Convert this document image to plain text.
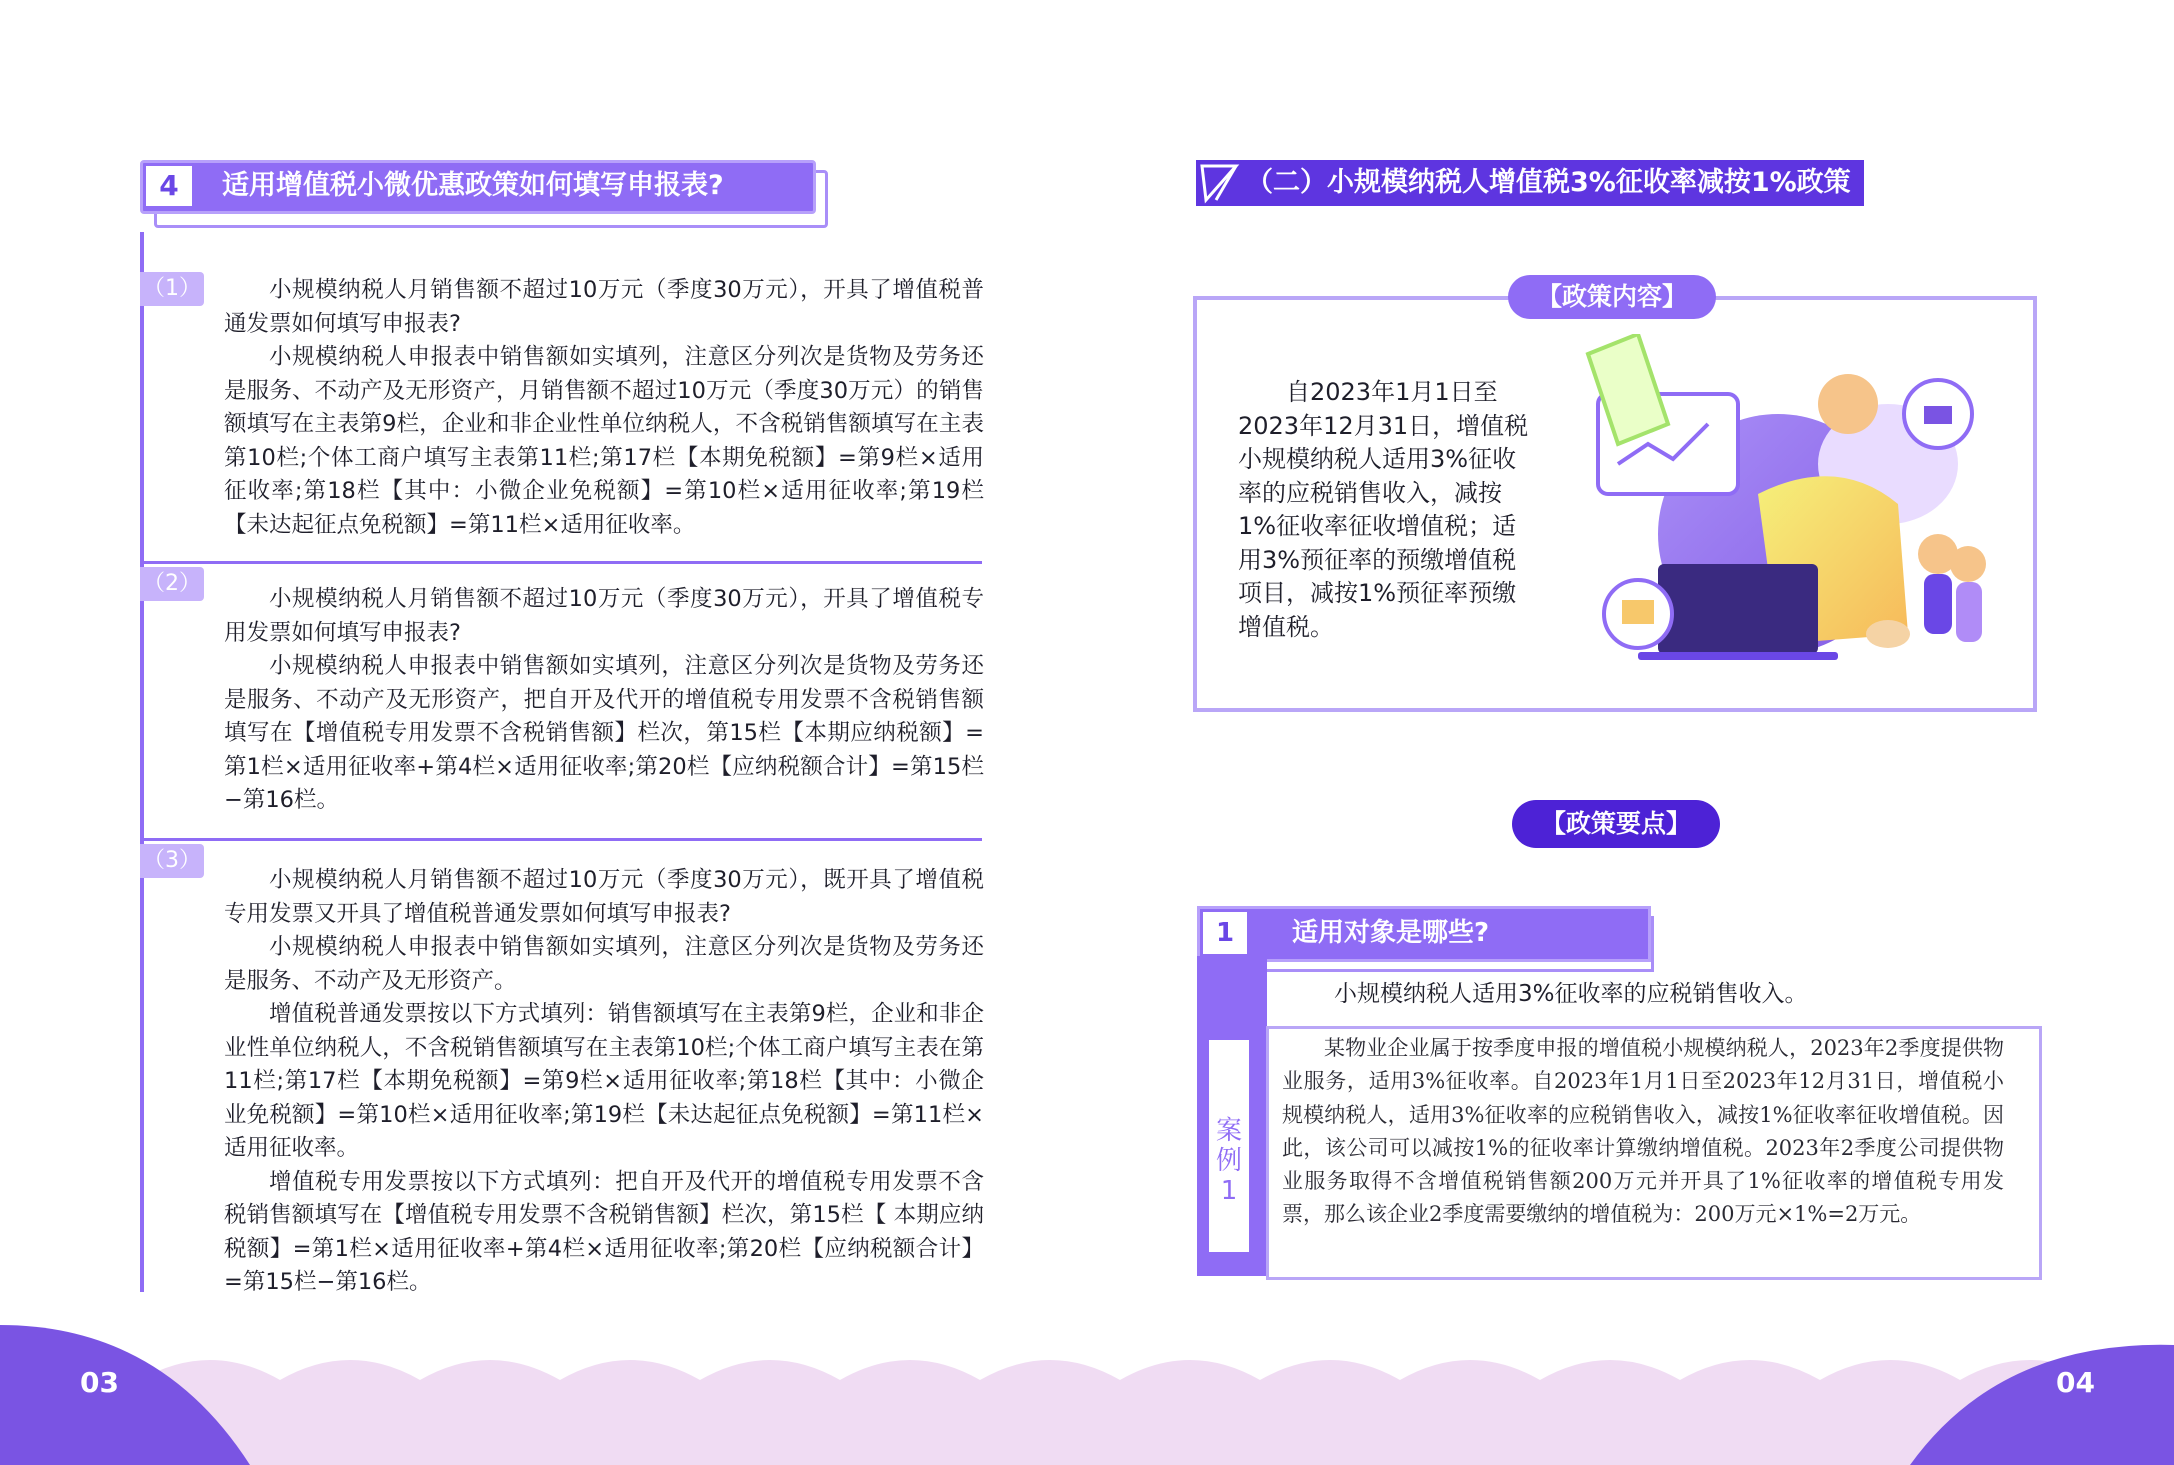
4	适用增值税小微优惠政策如何填写申报表?
（1）	小规模纳税人月销售额不超过10万元（季度30万元），开具了增值税普通发票如何填写申报表?

小规模纳税人申报表中销售额如实填列，注意区分列次是货物及劳务还是服务、不动产及无形资产，月销售额不超过10万元（季度30万元）的销售额填写在主表第9栏，企业和非企业性单位纳税人，不含税销售额填写在主表第10栏;个体工商户填写主表第11栏;第17栏【本期免税额】=第9栏×适用征收率;第18栏【其中：小微企业免税额】=第10栏×适用征收率;第19栏【未达起征点免税额】=第11栏×适用征收率。

（2）

小规模纳税人月销售额不超过10万元（季度30万元），开具了增值税专用发票如何填写申报表?

小规模纳税人申报表中销售额如实填列，注意区分列次是货物及劳务还是服务、不动产及无形资产，把自开及代开的增值税专用发票不含税销售额填写在【增值税专用发票不含税销售额】栏次，第15栏【本期应纳税额】=第1栏×适用征收率+第4栏×适用征收率;第20栏【应纳税额合计】=第15栏−第16栏。

（3）

小规模纳税人月销售额不超过10万元（季度30万元），既开具了增值税专用发票又开具了增值税普通发票如何填写申报表?

小规模纳税人申报表中销售额如实填列，注意区分列次是货物及劳务还是服务、不动产及无形资产。

增值税普通发票按以下方式填列：销售额填写在主表第9栏，企业和非企业性单位纳税人，不含税销售额填写在主表第10栏;个体工商户填写主表在第11栏;第17栏【本期免税额】=第9栏×适用征收率;第18栏【其中：小微企业免税额】=第10栏×适用征收率;第19栏【未达起征点免税额】=第11栏×适用征收率。

增值税专用发票按以下方式填列：把自开及代开的增值税专用发票不含税销售额填写在【增值税专用发票不含税销售额】栏次，第15栏【 本期应纳税额】=第1栏×适用征收率+第4栏×适用征收率;第20栏【应纳税额合计】=第15栏−第16栏。

（二）小规模纳税人增值税3%征收率减按1%政策
【政策内容】

自2023年1月1日至2023年12月31日，增值税小规模纳税人适用3%征收率的应税销售收入，减按1%征收率征收增值税；适用3%预征率的预缴增值税项目，减按1%预征率预缴增值税。

【政策要点】
1	适用对象是哪些?
小规模纳税人适用3%征收率的应税销售收入。
案
例
1

某物业企业属于按季度申报的增值税小规模纳税人，2023年2季度提供物业服务，适用3%征收率。自2023年1月1日至2023年12月31日，增值税小规模纳税人，适用3%征收率的应税销售收入，减按1%征收率征收增值税。因此，该公司可以减按1%的征收率计算缴纳增值税。2023年2季度公司提供物业服务取得不含增值税销售额200万元并开具了1%征收率的增值税专用发票，那么该企业2季度需要缴纳的增值税为：200万元×1%=2万元。

03	04
